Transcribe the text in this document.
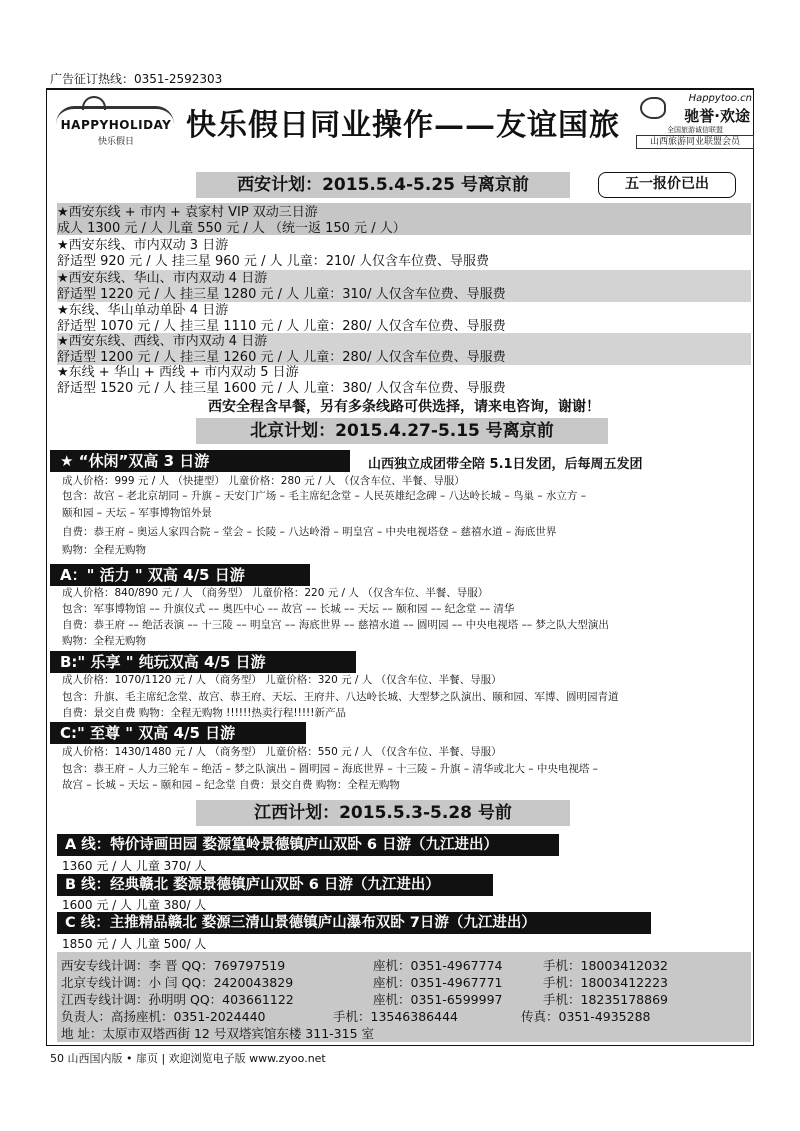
广告征订热线：0351-2592303
HAPPYHOLIDAY
快乐假日	快乐假日同业操作——友谊国旅
Happytoo.cn
驰誉·欢途
全国旅游诚信联盟
山西旅游同业联盟会员
西安计划：2015.5.4-5.25 号离京前	五一报价已出
★西安东线 + 市内 + 袁家村 VIP 双动三日游
成人 1300 元 / 人 儿童 550 元 / 人 （统一返 150 元 / 人）
★西安东线、市内双动 3 日游
舒适型 920 元 / 人 挂三星 960 元 / 人 儿童：210/ 人仅含车位费、导服费
★西安东线、华山、市内双动 4 日游
舒适型 1220 元 / 人 挂三星 1280 元 / 人 儿童：310/ 人仅含车位费、导服费
★东线、华山单动单卧 4 日游
舒适型 1070 元 / 人 挂三星 1110 元 / 人 儿童：280/ 人仅含车位费、导服费
★西安东线、西线、市内双动 4 日游
舒适型 1200 元 / 人 挂三星 1260 元 / 人 儿童：280/ 人仅含车位费、导服费
★东线 + 华山 + 西线 + 市内双动 5 日游
舒适型 1520 元 / 人 挂三星 1600 元 / 人 儿童：380/ 人仅含车位费、导服费
西安全程含早餐，另有多条线路可供选择，请来电咨询，谢谢！
北京计划：2015.4.27-5.15 号离京前
★ “休闲”双高 3 日游	山西独立成团带全陪 5.1日发团，后每周五发团
成人价格：999 元 / 人 （快捷型） 儿童价格：280 元 / 人 （仅含车位、半餐、导服）
包含：故宫 – 老北京胡同 – 升旗 – 天安门广场 – 毛主席纪念堂 – 人民英雄纪念碑 – 八达岭长城 – 鸟巢 – 水立方 –
颐和园 – 天坛 – 军事博物馆外景
自费：恭王府 – 奥运人家四合院 – 堂会 – 长陵 – 八达岭滑 – 明皇宫 – 中央电视塔登 – 慈禧水道 – 海底世界
购物：全程无购物
A：" 活力 " 双高 4/5 日游
成人价格：840/890 元 / 人 （商务型） 儿童价格：220 元 / 人 （仅含车位、半餐、导服）
包含：军事博物馆 –– 升旗仪式 –– 奥匹中心 –– 故宫 –– 长城 –– 天坛 –– 颐和园 –– 纪念堂 –– 清华
自费：恭王府 –– 绝活表演 –– 十三陵 –– 明皇宫 –– 海底世界 –– 慈禧水道 –– 圆明园 –– 中央电视塔 –– 梦之队大型演出
购物：全程无购物
B:" 乐享 " 纯玩双高 4/5 日游
成人价格：1070/1120 元 / 人 （商务型） 儿童价格：320 元 / 人 （仅含车位、半餐、导服）
包含：升旗、毛主席纪念堂、故宫、恭王府、天坛、王府井、八达岭长城、大型梦之队演出、颐和园、军博、圆明园青道
自费：景交自费 购物：全程无购物 !!!!!!热卖行程!!!!!新产品
C:" 至尊 " 双高 4/5 日游
成人价格：1430/1480 元 / 人 （商务型） 儿童价格：550 元 / 人 （仅含车位、半餐、导服）
包含：恭王府 – 人力三轮车 – 绝活 – 梦之队演出 – 圆明园 – 海底世界 – 十三陵 – 升旗 – 清华或北大 – 中央电视塔 –
故宫 – 长城 – 天坛 – 颐和园 – 纪念堂 自费：景交自费 购物：全程无购物
江西计划：2015.5.3-5.28 号前
A 线：特价诗画田园 婺源篁岭景德镇庐山双卧 6 日游（九江进出）
1360 元 / 人 儿童 370/ 人
B 线：经典赣北 婺源景德镇庐山双卧 6 日游（九江进出）
1600 元 / 人 儿童 380/ 人
C 线：主推精品赣北 婺源三清山景德镇庐山瀑布双卧 7日游（九江进出）
1850 元 / 人 儿童 500/ 人
西安专线计调：李 晋 QQ：769797519	座机：0351-4967774	手机：18003412032
北京专线计调：小 闫 QQ：2420043829	座机：0351-4967771	手机：18003412223
江西专线计调：孙明明 QQ：403661122	座机：0351-6599997	手机：18235178869
负责人：高扬座机：0351-2024440	手机：13546386444	传真：0351-4935288
地 址：太原市双塔西街 12 号双塔宾馆东楼 311-315 室
50 山西国内版 • 扉页 | 欢迎浏览电子版 www.zyoo.net
